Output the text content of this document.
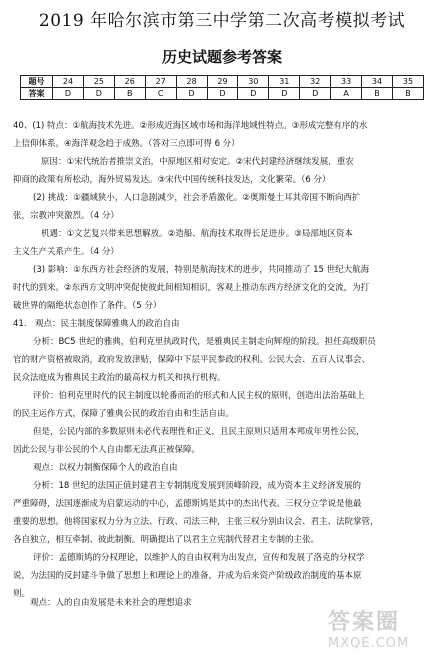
2019 年哈尔滨市第三中学第二次高考模拟考试
历史试题参考答案
题号	24	25	26	27	28	29	30	31	32	33	34	35
答案	D	D	B	C	D	D	D	D	D	A	B	B
40、(1) 特点：①航海技术先进。②形成近海区域市场和海洋地域性特点。③形成完整有序的水
上信仰体系。④海洋观念趋于成熟。（答对三点即可得 6 分）
原因：①宋代统治者推崇文治，中原地区相对安定。②宋代封建经济继续发展，重农
抑商的政策有所松动，海外贸易发达。③宋代中国传统科技发达，文化繁荣。（6 分）
(2) 挑战：①疆域狭小，人口急剧减少，社会矛盾激化。②奥斯曼土耳其帝国不断向西扩
张，宗教冲突激烈。（4 分）
机遇：①文艺复兴带来思想解放。②造船、航海技术取得长足进步。③局部地区资本
主义生产关系产生。（4 分）
(3) 影响：①东西方社会经济的发展，特别是航海技术的进步，共同推动了 15 世纪大航海
时代的到来。②东西方文明冲突促使彼此间相知相识，客观上推动东西方经济文化的交流，为打
破世界的隔绝状态创作了条件。（5 分）
41.　观点：民主制度保障雅典人的政治自由
分析：BC5 世纪的雅典，伯利克里执政时代，是雅典民主制走向辉煌的阶段。担任高级职员
官的财产资格被取消，政府发放津贴，保障中下层平民参政的权利。公民大会、五百人议事会、
民众法庭成为雅典民主政治的最高权力机关和执行机构。
评价：伯利克里时代的民主制度以轮番而治的形式和人民主权的原则，创造出法治基础上
的民主运作方式，保障了雅典公民的政治自由和生活自由。
但是，公民内部的多数原则未必代表理性和正义，且民主原则只适用本邦成年男性公民，
因此公民与非公民的个人自由都无法真正被保障。
观点：以权力制衡保障个人的政治自由
分析：18 世纪的法国正值封建君主专制制度发展到顶峰阶段，成为资本主义经济发展的
严重障碍，法国逐渐成为启蒙运动的中心，孟德斯鸠是其中的杰出代表。三权分立学说是他最
重要的思想。他将国家权力分为立法、行政、司法三种，主张三权分别由议会、君主、法院掌管，
各自独立，相互牵制、彼此制衡。明确提出了以君主立宪制代替君主专制的主张。
评价：孟德斯鸠的分权理论，以维护人的自由权利为出发点，宣传和发展了洛克的分权学
说，为法国的反封建斗争做了思想上和理论上的准备，并成为后来资产阶级政治制度的基本原
则。
观点：人的自由发展是未来社会的理想追求
答案圈
MXQE.COM
